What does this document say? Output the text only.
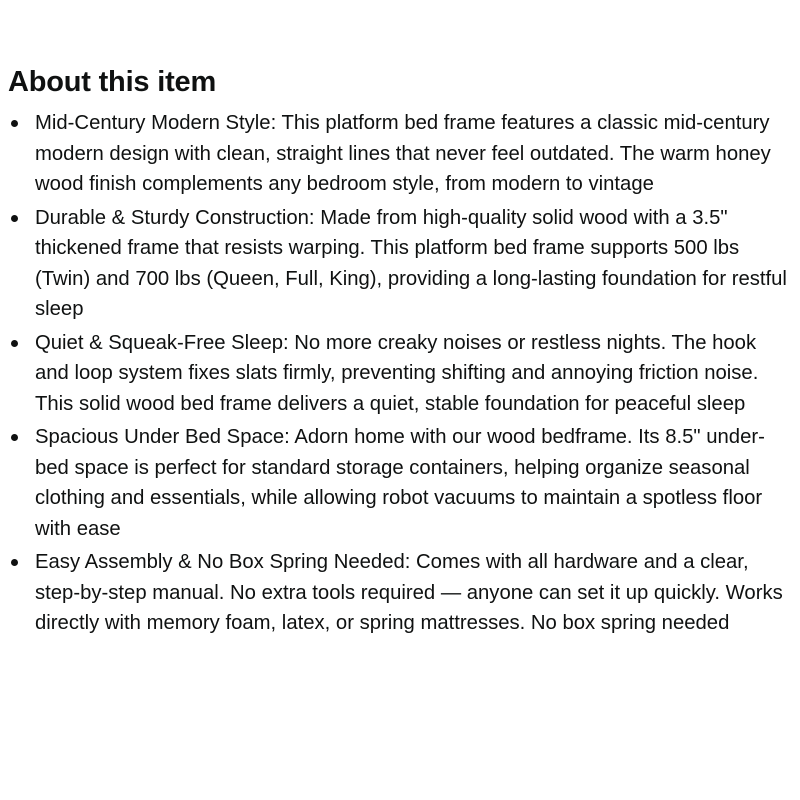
About this item
Mid-Century Modern Style: This platform bed frame features a classic mid-century modern design with clean, straight lines that never feel outdated. The warm honey wood finish complements any bedroom style, from modern to vintage
Durable & Sturdy Construction: Made from high-quality solid wood with a 3.5" thickened frame that resists warping. This platform bed frame supports 500 lbs (Twin) and 700 lbs (Queen, Full, King), providing a long-lasting foundation for restful sleep
Quiet & Squeak-Free Sleep: No more creaky noises or restless nights. The hook and loop system fixes slats firmly, preventing shifting and annoying friction noise. This solid wood bed frame delivers a quiet, stable foundation for peaceful sleep
Spacious Under Bed Space: Adorn home with our wood bedframe. Its 8.5" under-bed space is perfect for standard storage containers, helping organize seasonal clothing and essentials, while allowing robot vacuums to maintain a spotless floor with ease
Easy Assembly & No Box Spring Needed: Comes with all hardware and a clear, step-by-step manual. No extra tools required — anyone can set it up quickly. Works directly with memory foam, latex, or spring mattresses. No box spring needed
